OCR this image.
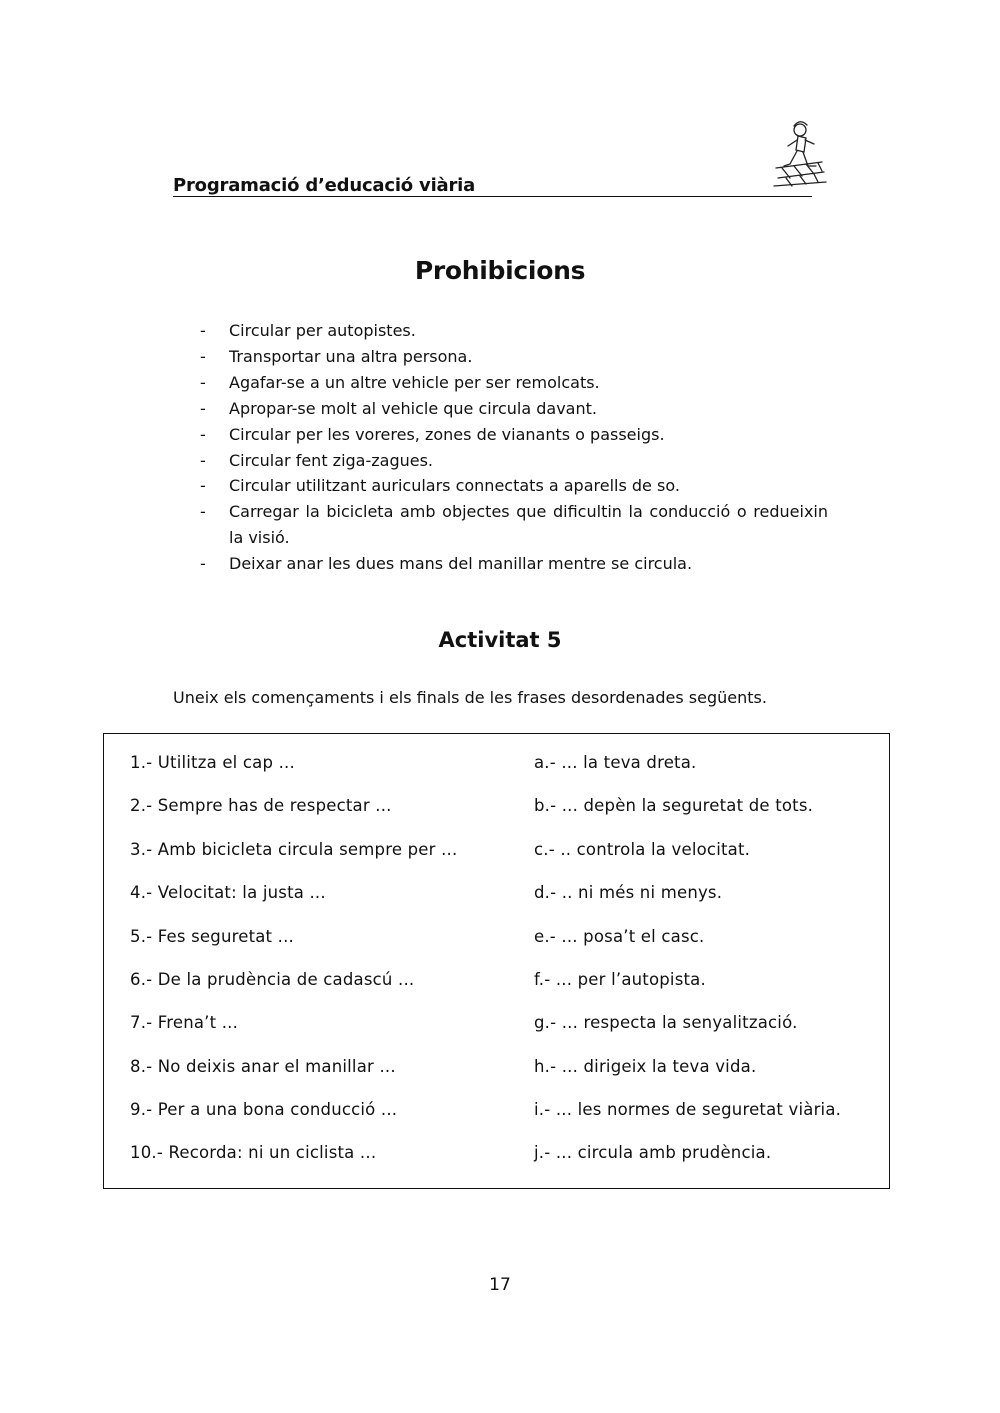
Programació d’educació viària
Prohibicions
- Circular per autopistes.
- Transportar una altra persona.
- Agafar-se a un altre vehicle per ser remolcats.
- Apropar-se molt al vehicle que circula davant.
- Circular per les voreres, zones de vianants o passeigs.
- Circular fent ziga-zagues.
- Circular utilitzant auriculars connectats a aparells de so.
- Carregar la bicicleta amb objectes que dificultin la conducció o redueixin la visió.
- Deixar anar les dues mans del manillar mentre se circula.
Activitat 5
Uneix els començaments i els finals de les frases desordenades següents.
1.- Utilitza el cap ...	a.- ... la teva dreta.
2.- Sempre has de respectar ...	b.- ... depèn la seguretat de tots.
3.- Amb bicicleta circula sempre per ...	c.- .. controla la velocitat.
4.- Velocitat: la justa ...	d.- .. ni més ni menys.
5.- Fes seguretat ...	e.- ... posa’t el casc.
6.- De la prudència de cadascú ...	f.- ... per l’autopista.
7.- Frena’t ...	g.- ... respecta la senyalització.
8.- No deixis anar el manillar ...	h.- ... dirigeix la teva vida.
9.- Per a una bona conducció ...	i.- ... les normes de seguretat viària.
10.- Recorda: ni un ciclista ...	j.- ... circula amb prudència.
17
